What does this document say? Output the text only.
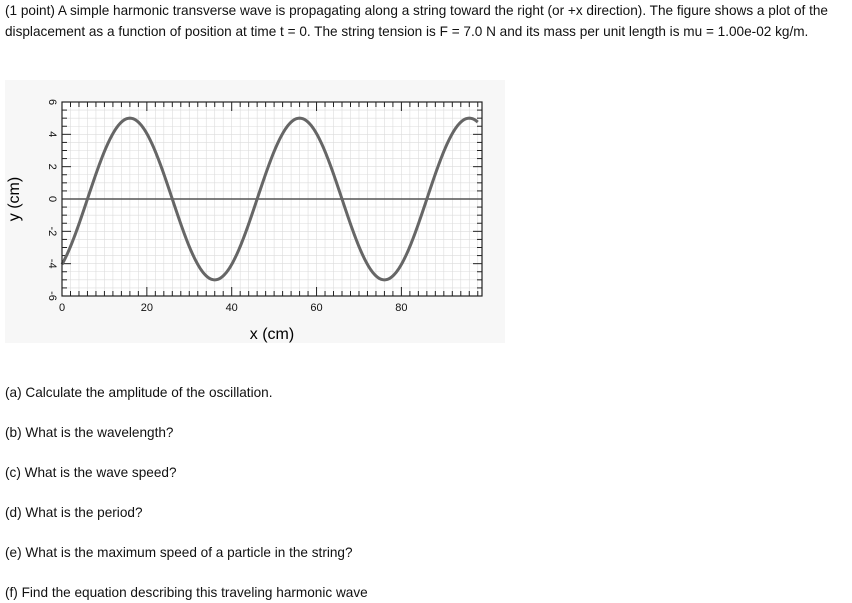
(1 point) A simple harmonic transverse wave is propagating along a string toward the right (or +x direction). The figure shows a plot of the displacement as a function of position at time t = 0. The string tension is F = 7.0 N and its mass per unit length is mu = 1.00e-02 kg/m.
0	20	40	60	80
6
4
2
0
-2
-4
-6
x (cm)
y (cm)
(a) Calculate the amplitude of the oscillation.
(b) What is the wavelength?
(c) What is the wave speed?
(d) What is the period?
(e) What is the maximum speed of a particle in the string?
(f) Find the equation describing this traveling harmonic wave
